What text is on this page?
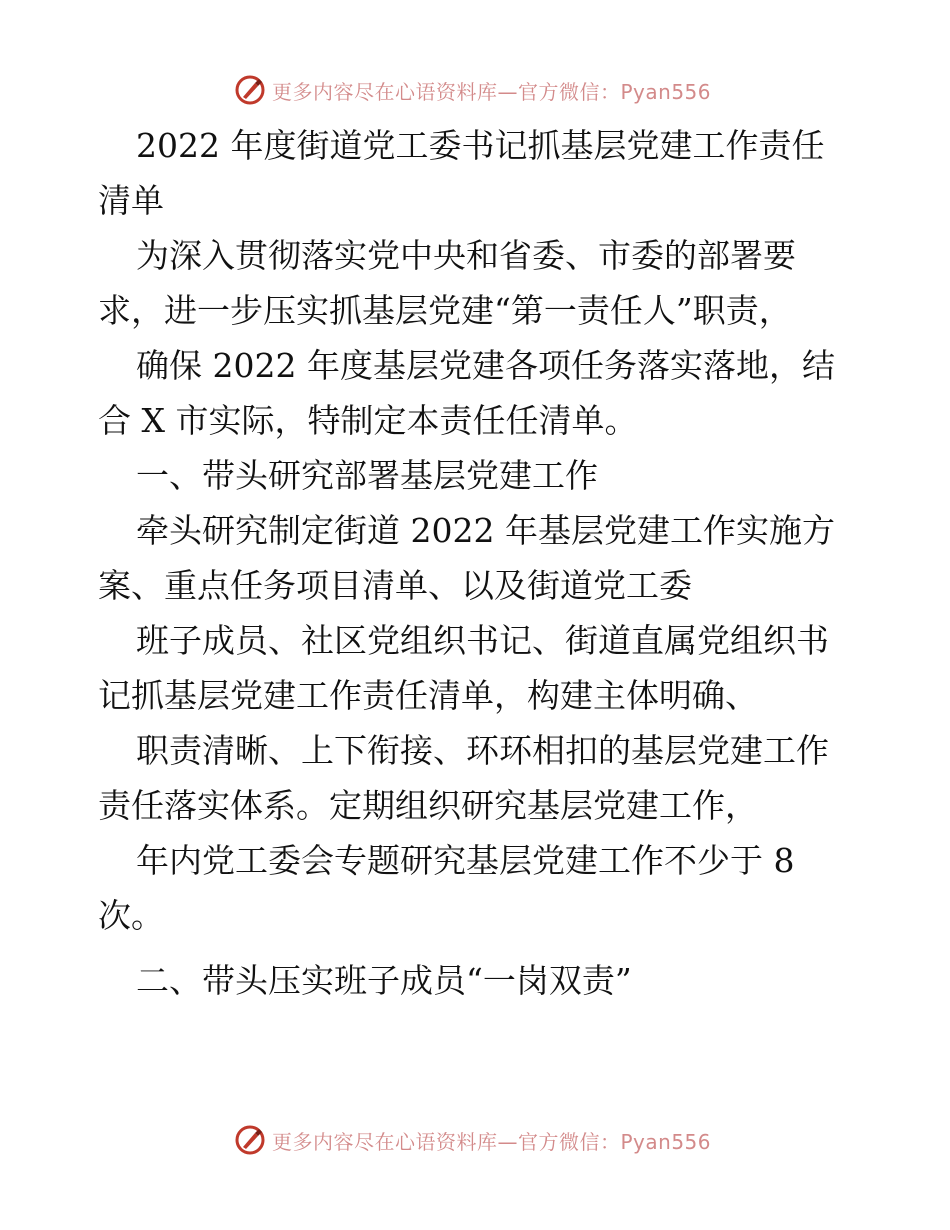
更多内容尽在心语资料库—官方微信：Pyan556
2022 年度街道党工委书记抓基层党建工作责任
清单
为深入贯彻落实党中央和省委、市委的部署要
求，进一步压实抓基层党建“第一责任人”职责，
确保 2022 年度基层党建各项任务落实落地，结
合 X 市实际，特制定本责任任清单。
一、带头研究部署基层党建工作
牵头研究制定街道 2022 年基层党建工作实施方
案、重点任务项目清单、以及街道党工委
班子成员、社区党组织书记、街道直属党组织书
记抓基层党建工作责任清单，构建主体明确、
职责清晰、上下衔接、环环相扣的基层党建工作
责任落实体系。定期组织研究基层党建工作，
年内党工委会专题研究基层党建工作不少于 8
次。
二、带头压实班子成员“一岗双责”
更多内容尽在心语资料库—官方微信：Pyan556
